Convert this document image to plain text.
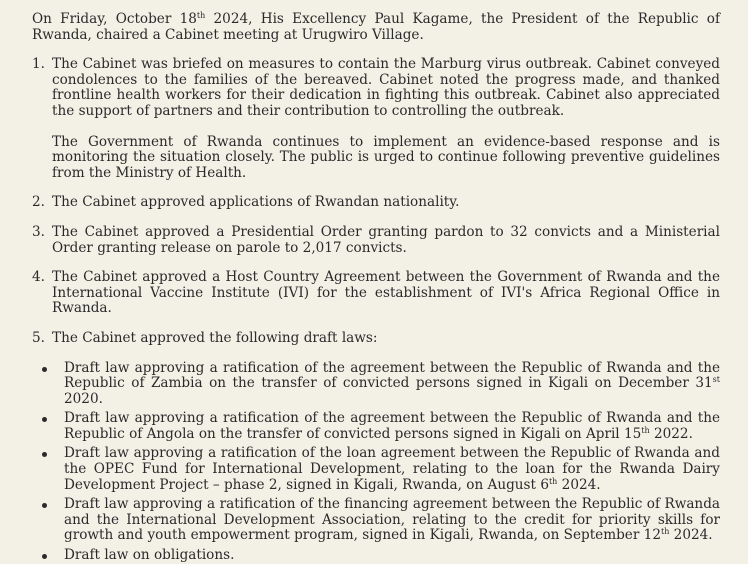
On Friday, October 18th 2024, His Excellency Paul Kagame, the President of the Republic of Rwanda, chaired a Cabinet meeting at Urugwiro Village.

1. The Cabinet was briefed on measures to contain the Marburg virus outbreak. Cabinet conveyed condolences to the families of the bereaved. Cabinet noted the progress made, and thanked frontline health workers for their dedication in fighting this outbreak. Cabinet also appreciated the support of partners and their contribution to controlling the outbreak.

The Government of Rwanda continues to implement an evidence-based response and is monitoring the situation closely. The public is urged to continue following preventive guidelines from the Ministry of Health.

2. The Cabinet approved applications of Rwandan nationality.

3. The Cabinet approved a Presidential Order granting pardon to 32 convicts and a Ministerial Order granting release on parole to 2,017 convicts.

4. The Cabinet approved a Host Country Agreement between the Government of Rwanda and the International Vaccine Institute (IVI) for the establishment of IVI's Africa Regional Office in Rwanda.

5. The Cabinet approved the following draft laws:

Draft law approving a ratification of the agreement between the Republic of Rwanda and the Republic of Zambia on the transfer of convicted persons signed in Kigali on December 31st 2020.
Draft law approving a ratification of the agreement between the Republic of Rwanda and the Republic of Angola on the transfer of convicted persons signed in Kigali on April 15th 2022.
Draft law approving a ratification of the loan agreement between the Republic of Rwanda and the OPEC Fund for International Development, relating to the loan for the Rwanda Dairy Development Project – phase 2, signed in Kigali, Rwanda, on August 6th 2024.
Draft law approving a ratification of the financing agreement between the Republic of Rwanda and the International Development Association, relating to the credit for priority skills for growth and youth empowerment program, signed in Kigali, Rwanda, on September 12th 2024.
Draft law on obligations.
